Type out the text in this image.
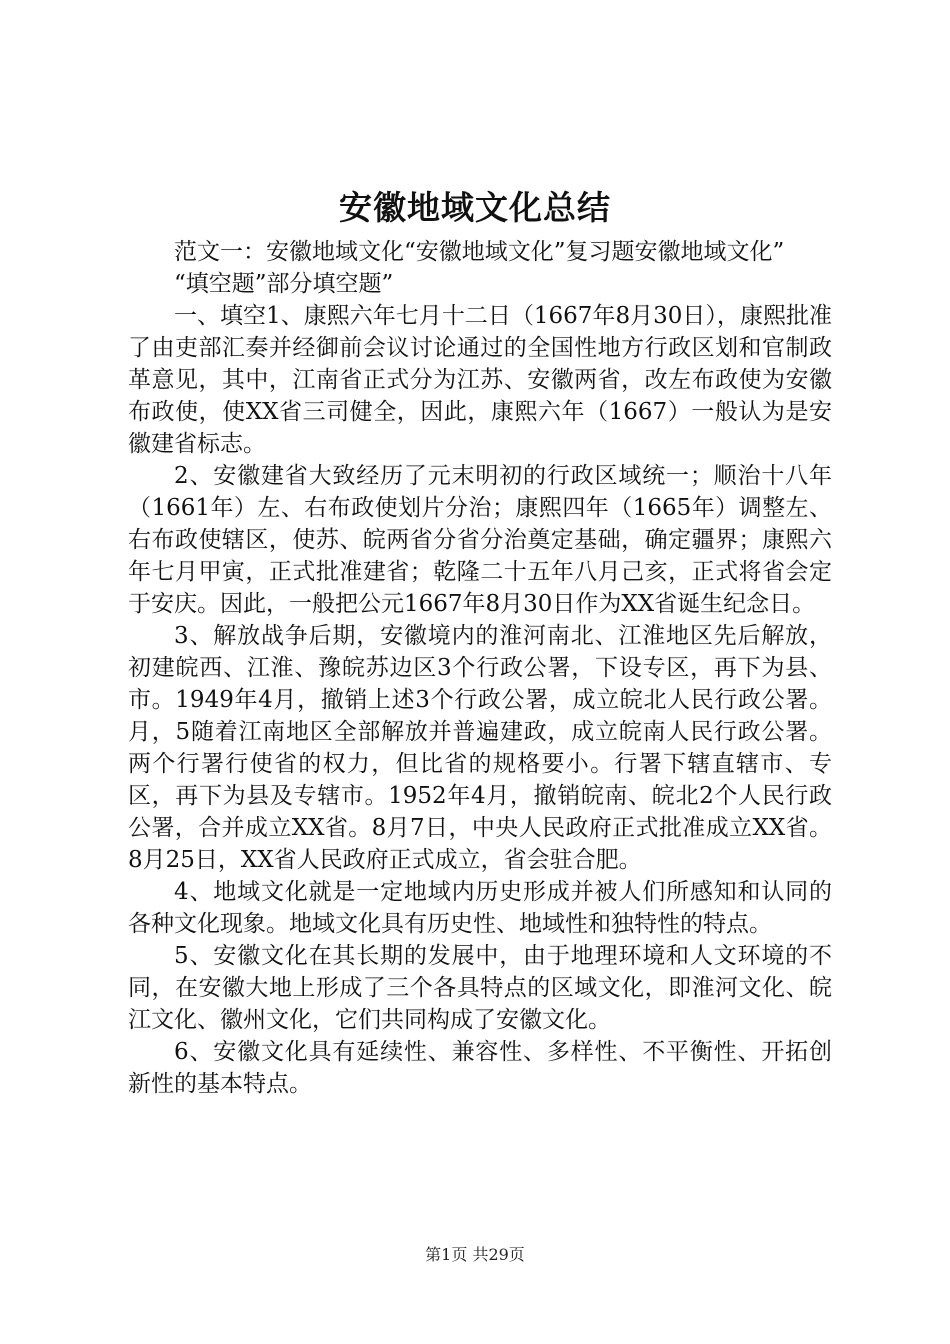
安徽地域文化总结

范文一：安徽地域文化“安徽地域文化”复习题安徽地域文化”

“填空题”部分填空题”

一、填空1、康熙六年七月十二日（1667年8月30日），康熙批准了由吏部汇奏并经御前会议讨论通过的全国性地方行政区划和官制政革意见，其中，江南省正式分为江苏、安徽两省，改左布政使为安徽布政使，使XX省三司健全，因此，康熙六年（1667）一般认为是安徽建省标志。

2、安徽建省大致经历了元末明初的行政区域统一；顺治十八年（1661年）左、右布政使划片分治；康熙四年（1665年）调整左、右布政使辖区，使苏、皖两省分省分治奠定基础，确定疆界；康熙六年七月甲寅，正式批准建省；乾隆二十五年八月己亥，正式将省会定于安庆。因此，一般把公元1667年8月30日作为XX省诞生纪念日。

3、解放战争后期，安徽境内的淮河南北、江淮地区先后解放，初建皖西、江淮、豫皖苏边区3个行政公署，下设专区，再下为县、市。1949年4月，撤销上述3个行政公署，成立皖北人民行政公署。月，5随着江南地区全部解放并普遍建政，成立皖南人民行政公署。两个行署行使省的权力，但比省的规格要小。行署下辖直辖市、专区，再下为县及专辖市。1952年4月，撤销皖南、皖北2个人民行政公署，合并成立XX省。8月7日，中央人民政府正式批准成立XX省。8月25日，XX省人民政府正式成立，省会驻合肥。

4、地域文化就是一定地域内历史形成并被人们所感知和认同的各种文化现象。地域文化具有历史性、地域性和独特性的特点。

5、安徽文化在其长期的发展中，由于地理环境和人文环境的不同，在安徽大地上形成了三个各具特点的区域文化，即淮河文化、皖江文化、徽州文化，它们共同构成了安徽文化。

6、安徽文化具有延续性、兼容性、多样性、不平衡性、开拓创新性的基本特点。

第1页 共29页
